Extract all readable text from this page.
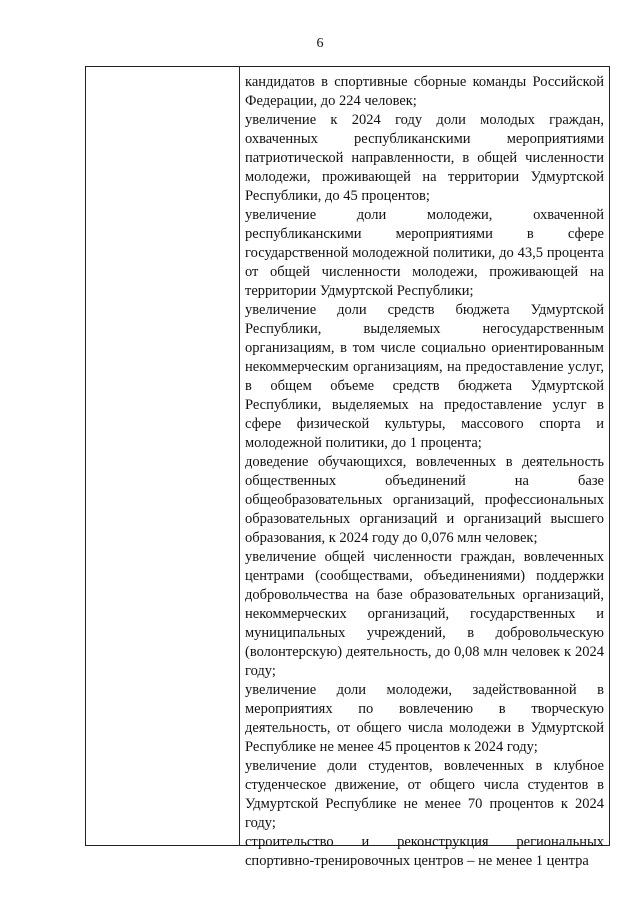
6

кандидатов в спортивные сборные команды Российской Федерации, до 224 человек;

увеличение к 2024 году доли молодых граждан, охваченных республиканскими мероприятиями патриотической направленности, в общей численности молодежи, проживающей на территории Удмуртской Республики, до 45 процентов;

увеличение доли молодежи, охваченной республиканскими мероприятиями в сфере государственной молодежной политики, до 43,5 процента от общей численности молодежи, проживающей на территории Удмуртской Республики;

увеличение доли средств бюджета Удмуртской Республики, выделяемых негосударственным организациям, в том числе социально ориентированным некоммерческим организациям, на предоставление услуг, в общем объеме средств бюджета Удмуртской Республики, выделяемых на предоставление услуг в сфере физической культуры, массового спорта и молодежной политики, до 1 процента;

доведение обучающихся, вовлеченных в деятельность общественных объединений на базе общеобразовательных организаций, профессиональных образовательных организаций и организаций высшего образования, к 2024 году до 0,076 млн человек;

увеличение общей численности граждан, вовлеченных центрами (сообществами, объединениями) поддержки добровольчества на базе образовательных организаций, некоммерческих организаций, государственных и муниципальных учреждений, в добровольческую (волонтерскую) деятельность, до 0,08 млн человек к 2024 году;

увеличение доли молодежи, задействованной в мероприятиях по вовлечению в творческую деятельность, от общего числа молодежи в Удмуртской Республике не менее 45 процентов к 2024 году;

увеличение доли студентов, вовлеченных в клубное студенческое движение, от общего числа студентов в Удмуртской Республике не менее 70 процентов к 2024 году;

строительство и реконструкция региональных спортивно-тренировочных центров – не менее 1 центра
